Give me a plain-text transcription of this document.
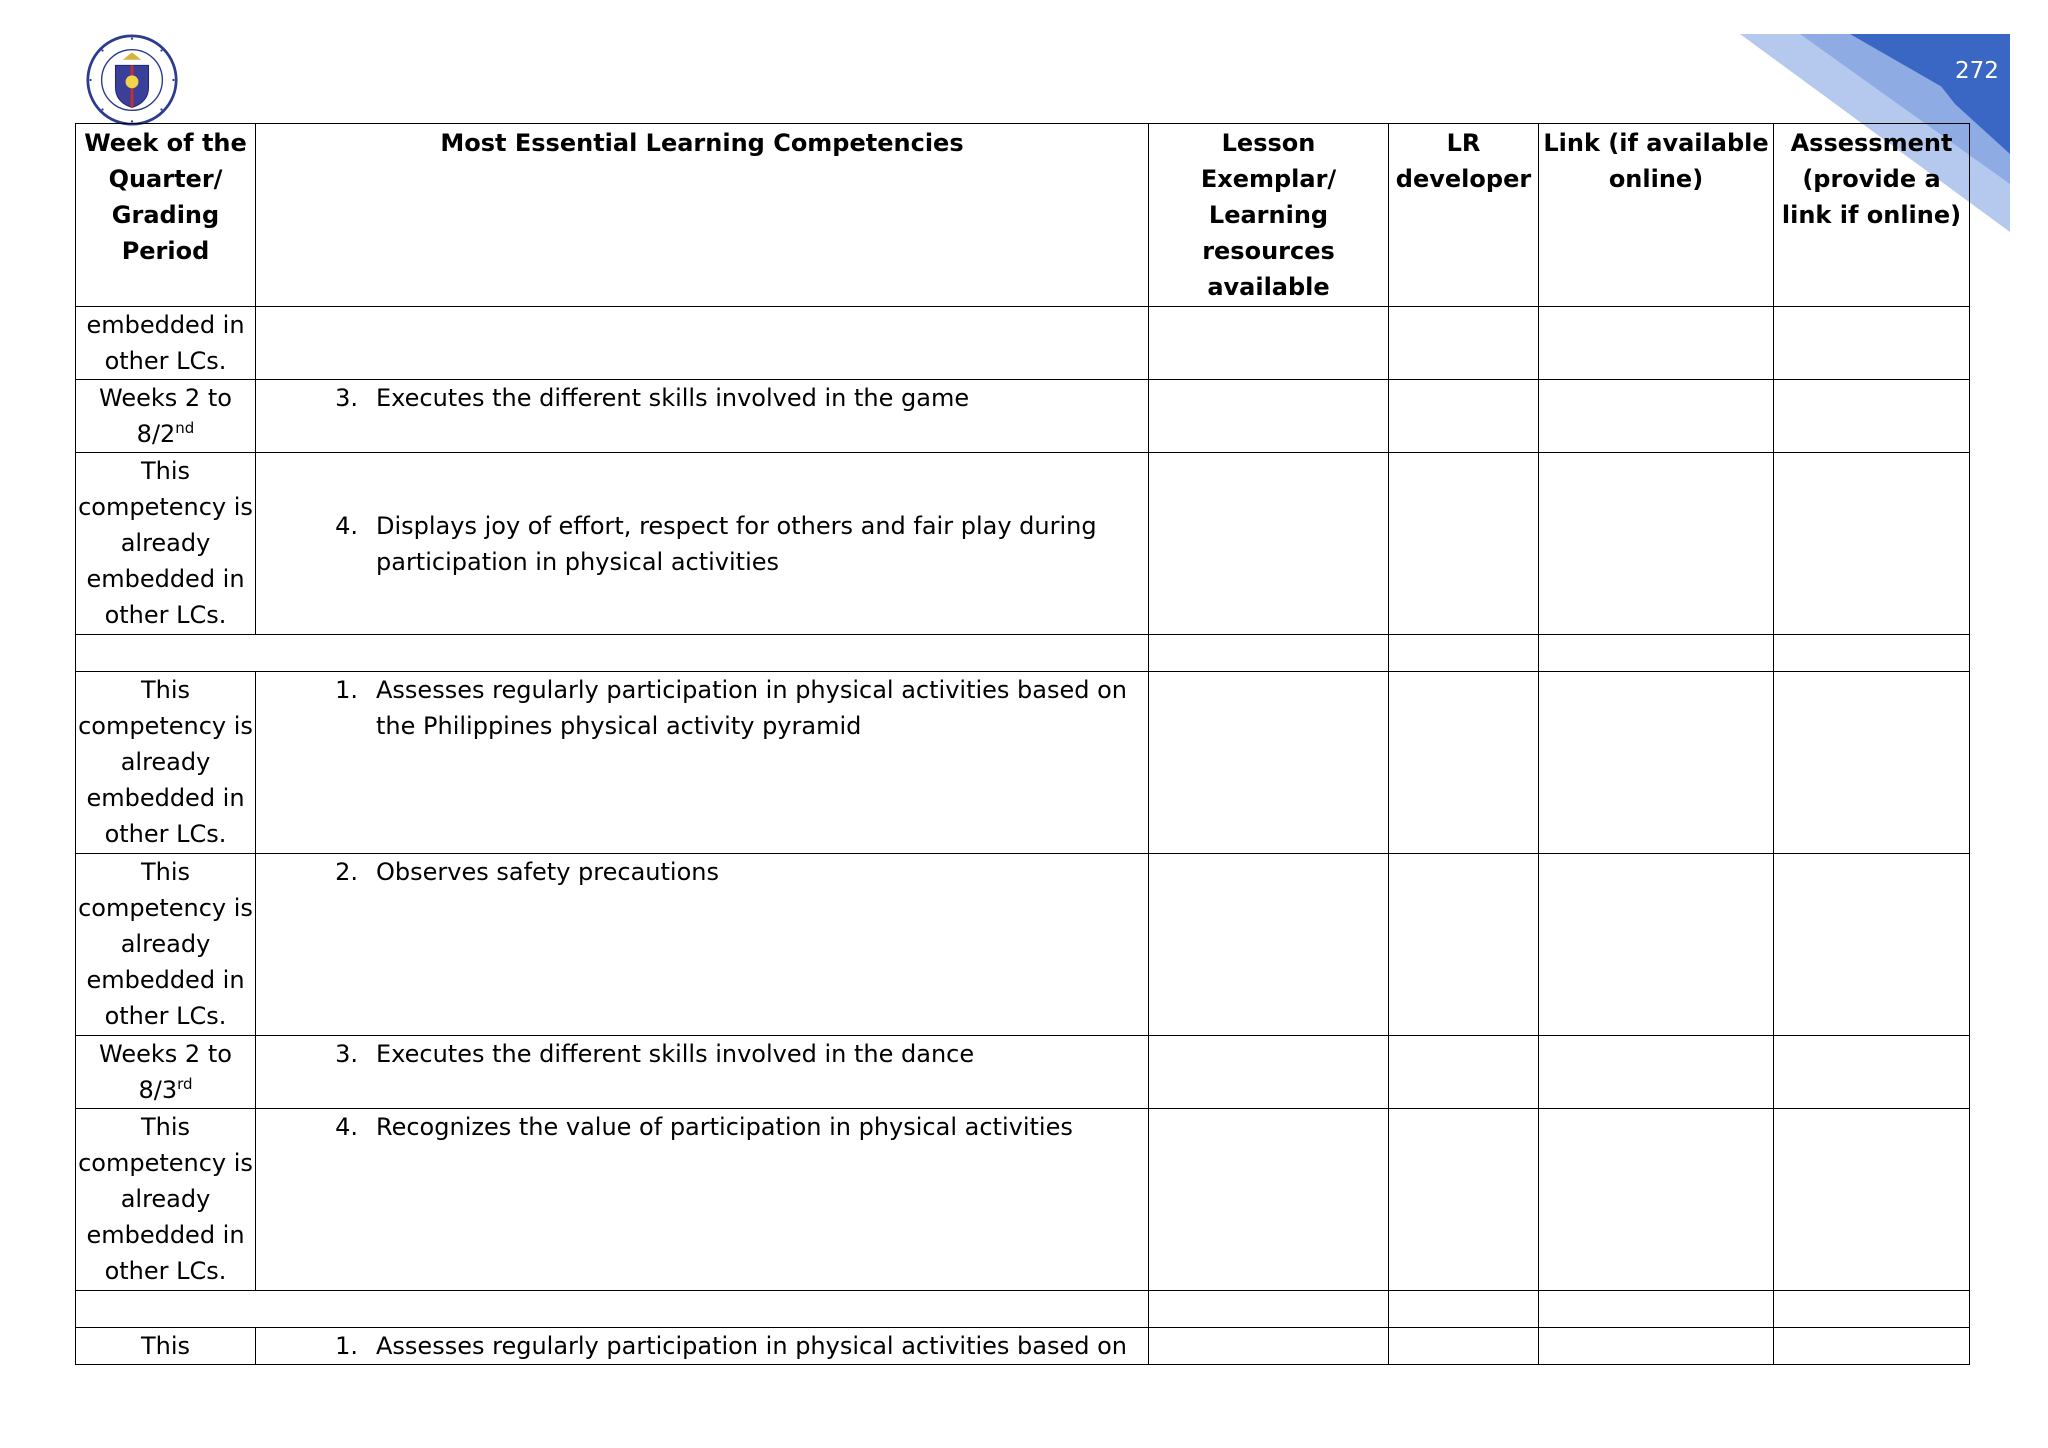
272
Week of the Quarter/ Grading Period	Most Essential Learning Competencies	Lesson Exemplar/ Learning resources available	LR developer	Link (if available online)	Assessment (provide a link if online)
embedded in other LCs.					
Weeks 2 to 8/2nd	3. Executes the different skills involved in the game				

This competency is already embedded in other LCs.	4. Displays joy of effort, respect for others and fair play during participation in physical activities				

This competency is already embedded in other LCs.	1. Assesses regularly participation in physical activities based on the Philippines physical activity pyramid				

This competency is already embedded in other LCs.	2. Observes safety precautions				

Weeks 2 to 8/3rd	3. Executes the different skills involved in the dance				

This competency is already embedded in other LCs.	4. Recognizes the value of participation in physical activities				

This	1. Assesses regularly participation in physical activities based on				
